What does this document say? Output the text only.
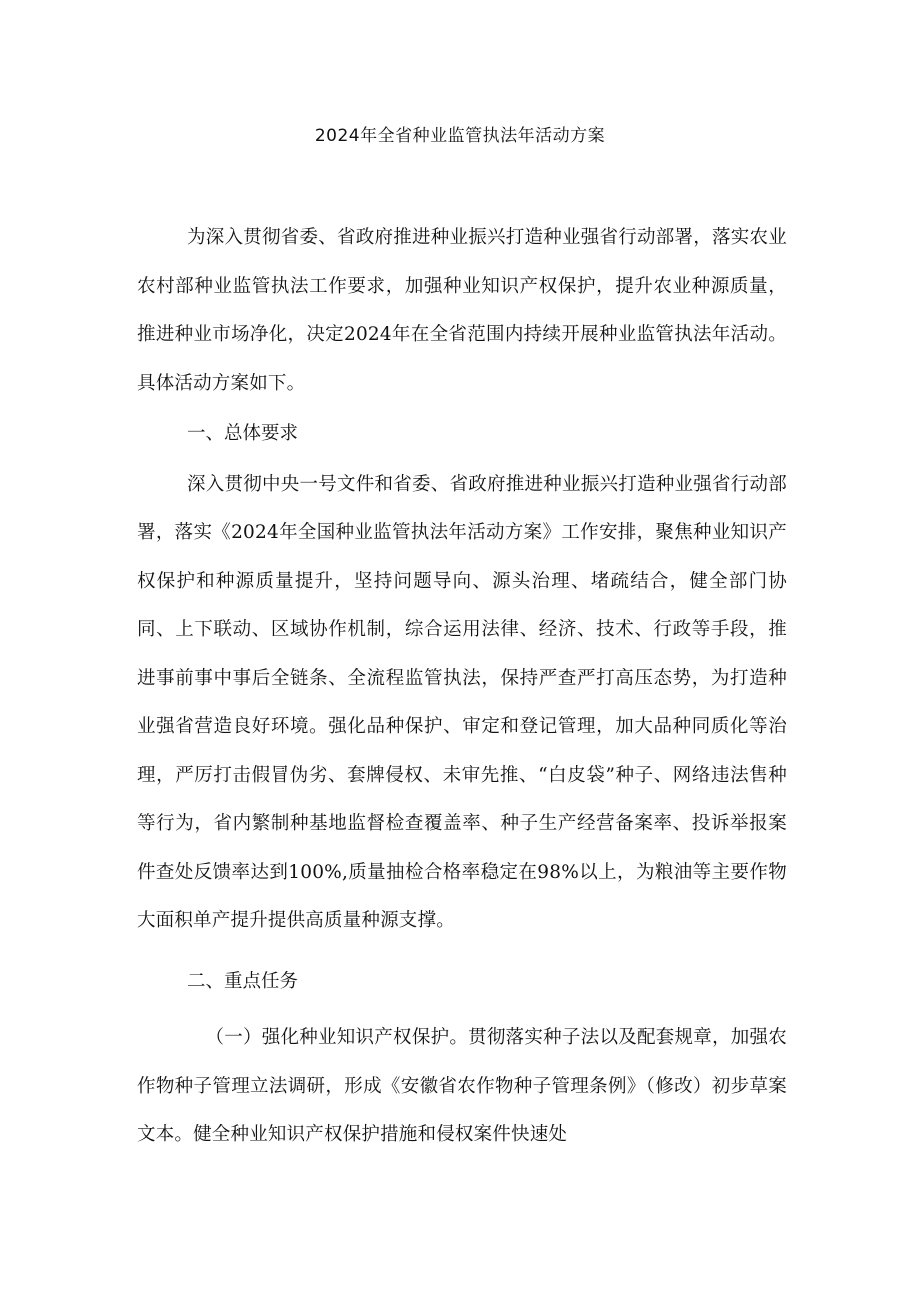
2024年全省种业监管执法年活动方案

为深入贯彻省委、省政府推进种业振兴打造种业强省行动部署，落实农业农村部种业监管执法工作要求，加强种业知识产权保护，提升农业种源质量，推进种业市场净化，决定2024年在全省范围内持续开展种业监管执法年活动。具体活动方案如下。

一、总体要求

深入贯彻中央一号文件和省委、省政府推进种业振兴打造种业强省行动部署，落实《2024年全国种业监管执法年活动方案》工作安排，聚焦种业知识产权保护和种源质量提升，坚持问题导向、源头治理、堵疏结合，健全部门协同、上下联动、区域协作机制，综合运用法律、经济、技术、行政等手段，推进事前事中事后全链条、全流程监管执法，保持严查严打高压态势，为打造种业强省营造良好环境。强化品种保护、审定和登记管理，加大品种同质化等治理，严厉打击假冒伪劣、套牌侵权、未审先推、“白皮袋”种子、网络违法售种等行为，省内繁制种基地监督检查覆盖率、种子生产经营备案率、投诉举报案件查处反馈率达到100%,质量抽检合格率稳定在98%以上，为粮油等主要作物大面积单产提升提供高质量种源支撑。

二、重点任务

（一）强化种业知识产权保护。贯彻落实种子法以及配套规章，加强农作物种子管理立法调研，形成《安徽省农作物种子管理条例》（修改）初步草案文本。健全种业知识产权保护措施和侵权案件快速处
